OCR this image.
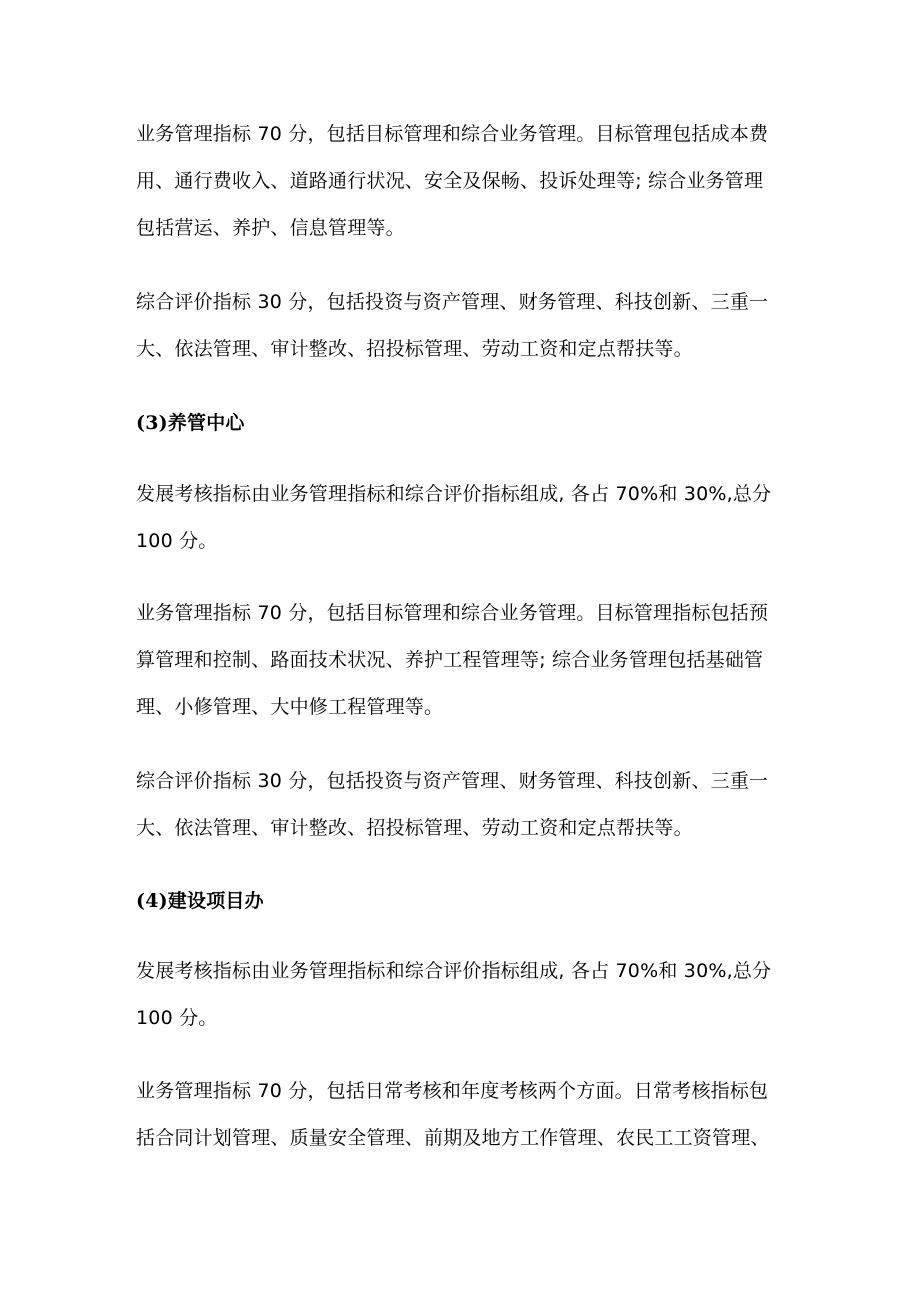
业务管理指标 70 分，包括目标管理和综合业务管理。目标管理包括成本费
用、通行费收入、道路通行状况、安全及保畅、投诉处理等; 综合业务管理
包括营运、养护、信息管理等。
综合评价指标 30 分，包括投资与资产管理、财务管理、科技创新、三重一
大、依法管理、审计整改、招投标管理、劳动工资和定点帮扶等。
(3)养管中心
发展考核指标由业务管理指标和综合评价指标组成, 各占 70%和 30%,总分
100 分。
业务管理指标 70 分，包括目标管理和综合业务管理。目标管理指标包括预
算管理和控制、路面技术状况、养护工程管理等; 综合业务管理包括基础管
理、小修管理、大中修工程管理等。
综合评价指标 30 分，包括投资与资产管理、财务管理、科技创新、三重一
大、依法管理、审计整改、招投标管理、劳动工资和定点帮扶等。
(4)建设项目办
发展考核指标由业务管理指标和综合评价指标组成, 各占 70%和 30%,总分
100 分。
业务管理指标 70 分，包括日常考核和年度考核两个方面。日常考核指标包
括合同计划管理、质量安全管理、前期及地方工作管理、农民工工资管理、
